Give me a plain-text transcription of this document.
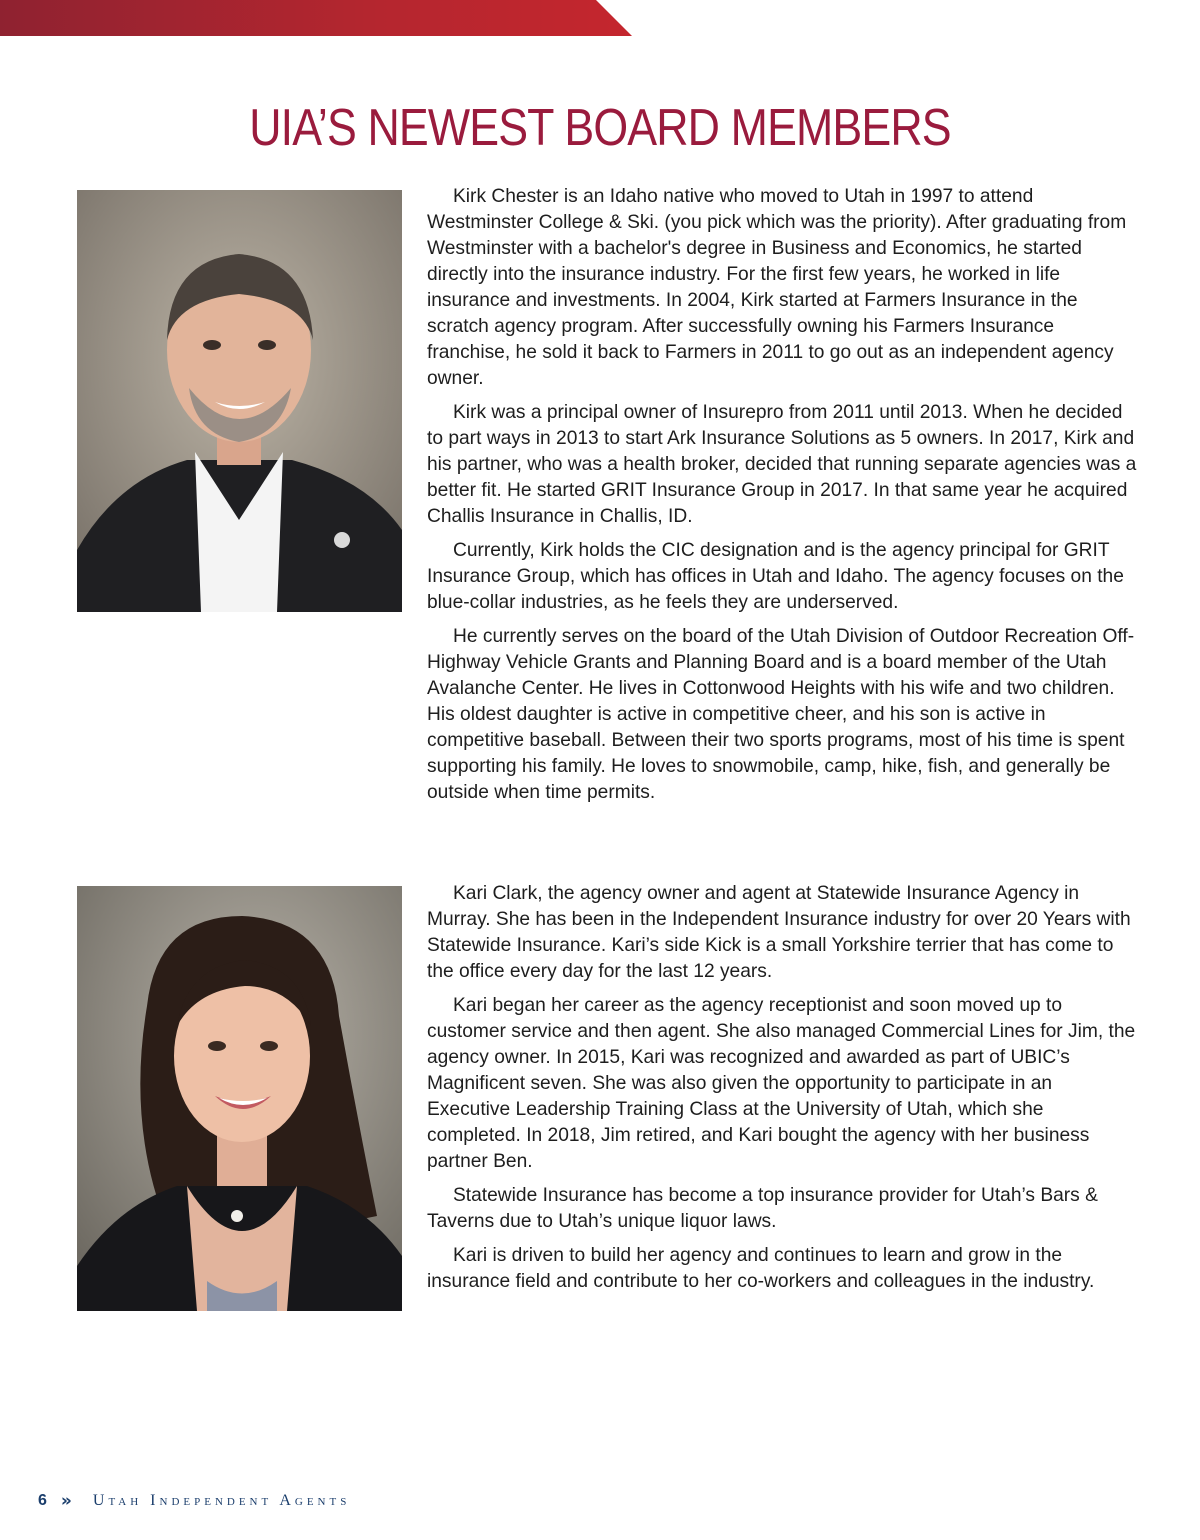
UIA’S NEWEST BOARD MEMBERS

Kirk Chester is an Idaho native who moved to Utah in 1997 to attend Westminster College & Ski. (you pick which was the priority). After graduating from Westminster with a bachelor's degree in Business and Economics, he started directly into the insurance industry. For the first few years, he worked in life insurance and investments. In 2004, Kirk started at Farmers Insurance in the scratch agency program. After successfully owning his Farmers Insurance franchise, he sold it back to Farmers in 2011 to go out as an independent agency owner.

Kirk was a principal owner of Insurepro from 2011 until 2013. When he decided to part ways in 2013 to start Ark Insurance Solutions as 5 owners. In 2017, Kirk and his partner, who was a health broker, decided that running separate agencies was a better fit. He started GRIT Insurance Group in 2017. In that same year he acquired Challis Insurance in Challis, ID.

Currently, Kirk holds the CIC designation and is the agency principal for GRIT Insurance Group, which has offices in Utah and Idaho. The agency focuses on the blue-collar industries, as he feels they are underserved.

He currently serves on the board of the Utah Division of Outdoor Recreation Off-Highway Vehicle Grants and Planning Board and is a board member of the Utah Avalanche Center. He lives in Cottonwood Heights with his wife and two children. His oldest daughter is active in competitive cheer, and his son is active in competitive baseball. Between their two sports programs, most of his time is spent supporting his family. He loves to snowmobile, camp, hike, fish, and generally be outside when time permits.

Kari Clark, the agency owner and agent at Statewide Insurance Agency in Murray. She has been in the Independent Insurance industry for over 20 Years with Statewide Insurance. Kari’s side Kick is a small Yorkshire terrier that has come to the office every day for the last 12 years.

Kari began her career as the agency receptionist and soon moved up to customer service and then agent. She also managed Commercial Lines for Jim, the agency owner. In 2015, Kari was recognized and awarded as part of UBIC’s Magnificent seven. She was also given the opportunity to participate in an Executive Leadership Training Class at the University of Utah, which she completed. In 2018, Jim retired, and Kari bought the agency with her business partner Ben.

Statewide Insurance has become a top insurance provider for Utah’s Bars & Taverns due to Utah’s unique liquor laws.

Kari is driven to build her agency and continues to learn and grow in the insurance field and contribute to her co-workers and colleagues in the industry.

6 » Utah Independent Agents
